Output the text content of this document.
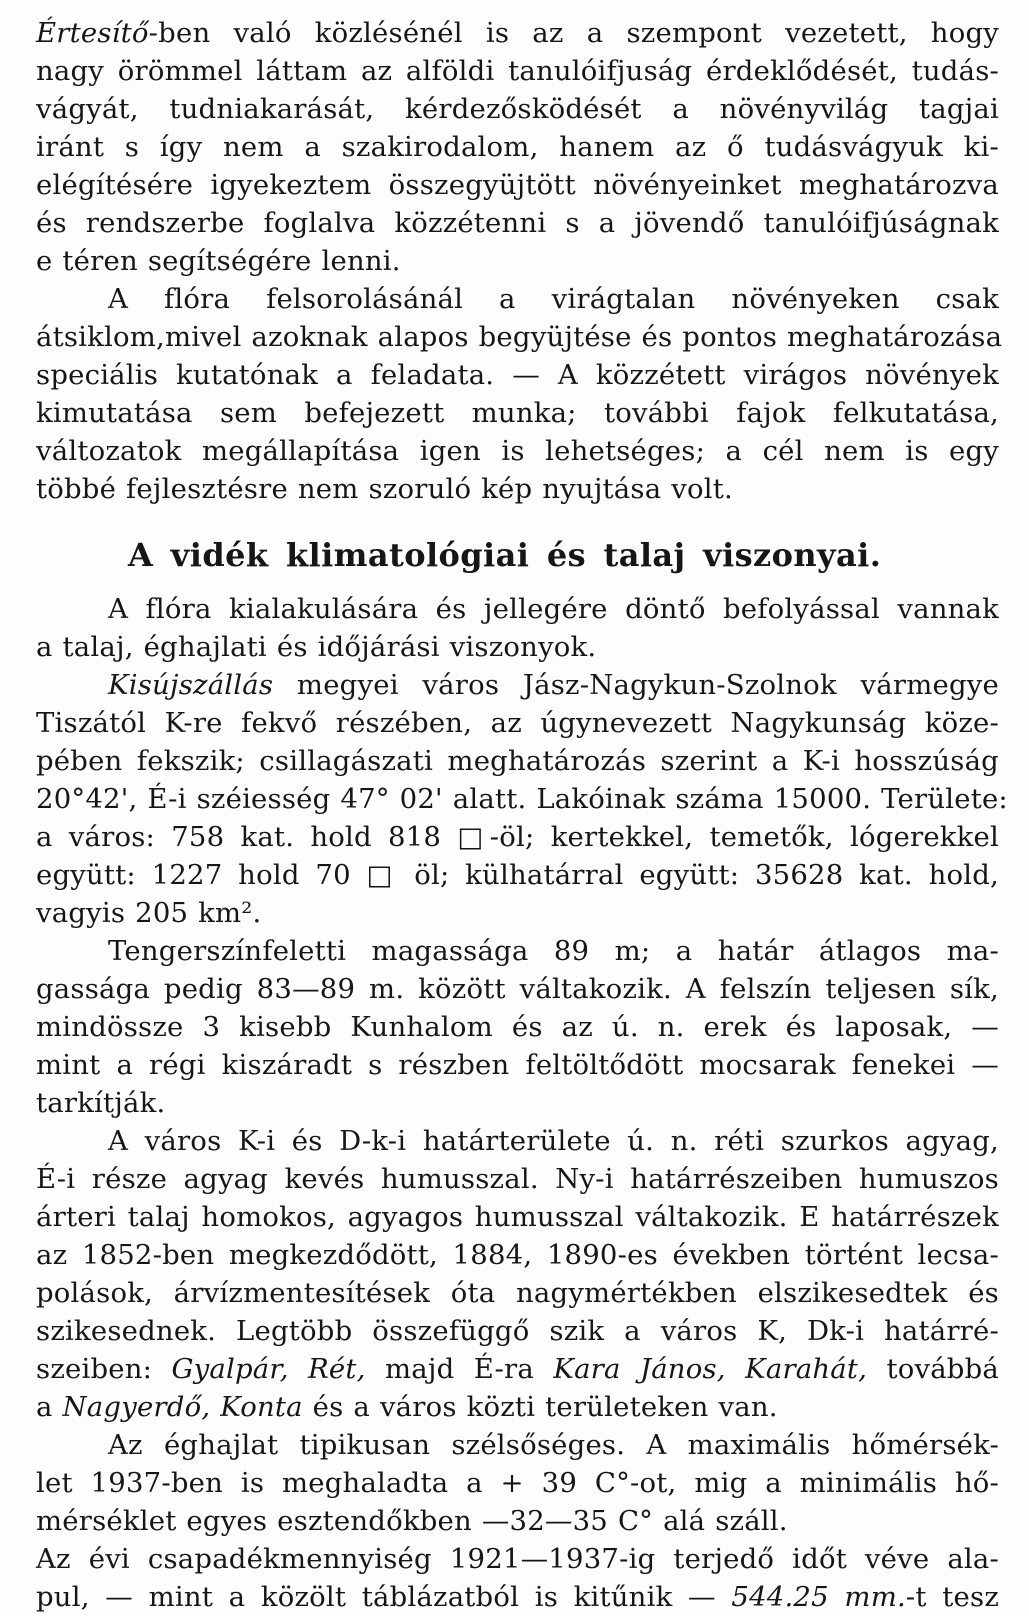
Értesítő-ben való közlésénél is az a szempont vezetett, hogy
nagy örömmel láttam az alföldi tanulóifjuság érdeklődését, tudás-
vágyát, tudniakarását, kérdezősködését a növényvilág tagjai
iránt s így nem a szakirodalom, hanem az ő tudásvágyuk ki-
elégítésére igyekeztem összegyüjtött növényeinket meghatározva
és rendszerbe foglalva közzétenni s a jövendő tanulóifjúságnak
e téren segítségére lenni.

A flóra felsorolásánál a virágtalan növényeken csak
átsiklom,mivel azoknak alapos begyüjtése és pontos meghatározása
speciális kutatónak a feladata. — A közzétett virágos növények
kimutatása sem befejezett munka; további fajok felkutatása,
változatok megállapítása igen is lehetséges; a cél nem is egy
többé fejlesztésre nem szoruló kép nyujtása volt.

A vidék klimatológiai és talaj viszonyai.

A flóra kialakulására és jellegére döntő befolyással vannak
a talaj, éghajlati és időjárási viszonyok.

Kisújszállás megyei város Jász-Nagykun-Szolnok vármegye
Tiszától K-re fekvő részében, az úgynevezett Nagykunság köze-
pében fekszik; csillagászati meghatározás szerint a K-i hosszúság
20°42', É-i széiesség 47° 02' alatt. Lakóinak száma 15000. Területe:
a város: 758 kat. hold 818 □-öl; kertekkel, temetők, lógerekkel
együtt: 1227 hold 70 □ öl; külhatárral együtt: 35628 kat. hold,
vagyis 205 km².

Tengerszínfeletti magassága 89 m; a határ átlagos ma-
gassága pedig 83—89 m. között váltakozik. A felszín teljesen sík,
mindössze 3 kisebb Kunhalom és az ú. n. erek és laposak, —
mint a régi kiszáradt s részben feltöltődött mocsarak fenekei —
tarkítják.

A város K-i és D-k-i határterülete ú. n. réti szurkos agyag,
É-i része agyag kevés humusszal. Ny-i határrészeiben humuszos
árteri talaj homokos, agyagos humusszal váltakozik. E határrészek
az 1852-ben megkezdődött, 1884, 1890-es években történt lecsa-
polások, árvízmentesítések óta nagymértékben elszikesedtek és
szikesednek. Legtöbb összefüggő szik a város K, Dk-i határré-
szeiben: Gyalpár, Rét, majd É-ra Kara János, Karahát, továbbá
a Nagyerdő, Konta és a város közti területeken van.

Az éghajlat tipikusan szélsőséges. A maximális hőmérsék-
let 1937-ben is meghaladta a + 39 C°-ot, mig a minimális hő-
mérséklet egyes esztendőkben —32—35 C° alá száll.

Az évi csapadékmennyiség 1921—1937-ig terjedő időt véve ala-
pul, — mint a közölt táblázatból is kitűnik — 544.25 mm.-t tesz
